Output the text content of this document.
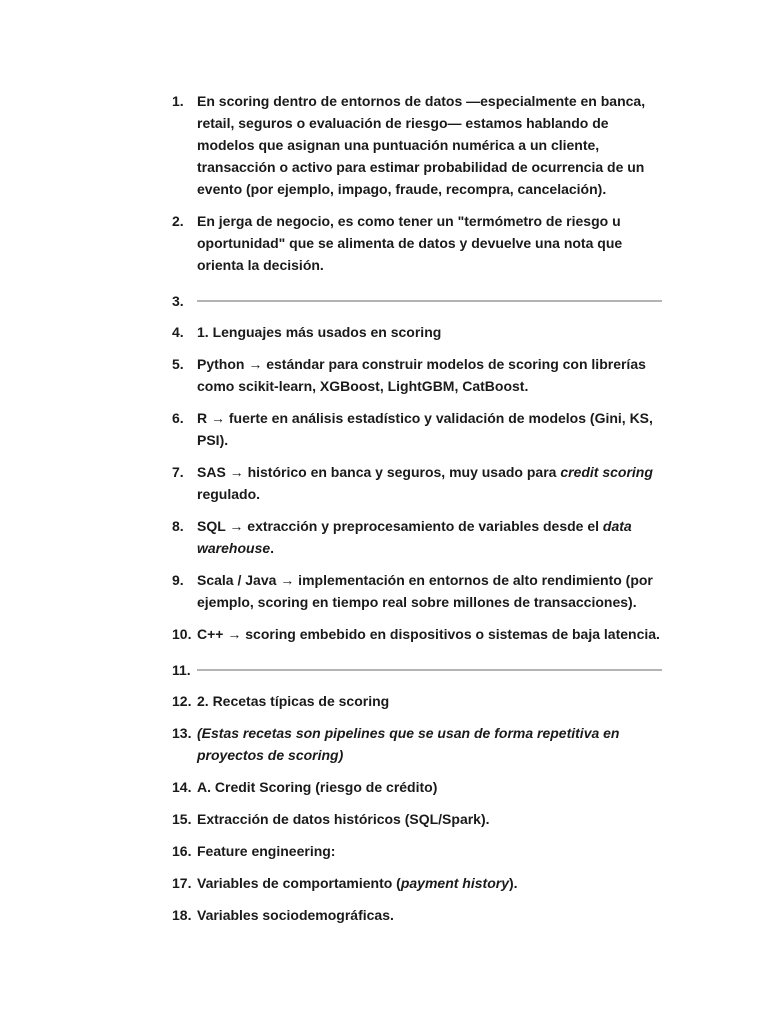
1. En scoring dentro de entornos de datos —especialmente en banca, retail, seguros o evaluación de riesgo— estamos hablando de modelos que asignan una puntuación numérica a un cliente, transacción o activo para estimar probabilidad de ocurrencia de un evento (por ejemplo, impago, fraude, recompra, cancelación).
2. En jerga de negocio, es como tener un "termómetro de riesgo u oportunidad" que se alimenta de datos y devuelve una nota que orienta la decisión.
3.
4. 1. Lenguajes más usados en scoring
5. Python → estándar para construir modelos de scoring con librerías como scikit-learn, XGBoost, LightGBM, CatBoost.
6. R → fuerte en análisis estadístico y validación de modelos (Gini, KS, PSI).
7. SAS → histórico en banca y seguros, muy usado para credit scoring regulado.
8. SQL → extracción y preprocesamiento de variables desde el data warehouse.
9. Scala / Java → implementación en entornos de alto rendimiento (por ejemplo, scoring en tiempo real sobre millones de transacciones).
10. C++ → scoring embebido en dispositivos o sistemas de baja latencia.
11.
12. 2. Recetas típicas de scoring
13. (Estas recetas son pipelines que se usan de forma repetitiva en proyectos de scoring)
14. A. Credit Scoring (riesgo de crédito)
15. Extracción de datos históricos (SQL/Spark).
16. Feature engineering:
17. Variables de comportamiento (payment history).
18. Variables sociodemográficas.
